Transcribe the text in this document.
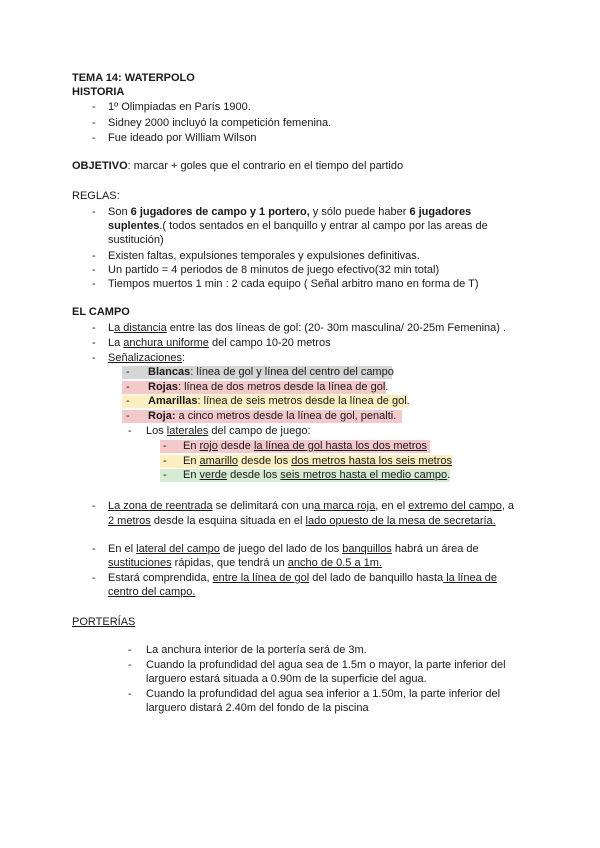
TEMA 14: WATERPOLO
HISTORIA
- 1º Olimpiadas en París 1900.
- Sidney 2000 incluyó la competición femenina.
- Fue ideado por William Wilson
OBJETIVO: marcar + goles que el contrario en el tiempo del partido
REGLAS:
- Son 6 jugadores de campo y 1 portero, y sólo puede haber 6 jugadores
suplentes.( todos sentados en el banquillo y entrar al campo por las areas de
sustitución)
- Existen faltas, expulsiones temporales y expulsiones definitivas.
- Un partido = 4 periodos de 8 minutos de juego efectivo(32 min total)
- Tiempos muertos 1 min : 2 cada equipo ( Señal arbitro mano en forma de T)
EL CAMPO
- La distancia entre las dos líneas de gol: (20- 30m masculina/ 20-25m Femenina) .
- La anchura uniforme del campo 10-20 metros
- Señalizaciones:
- Blancas: línea de gol y línea del centro del campo
- Rojas: línea de dos metros desde la línea de gol.
- Amarillas: línea de seis metros desde la línea de gol.
- Roja: a cinco metros desde la línea de gol, penalti.
- Los laterales del campo de juego:
- En rojo desde la línea de gol hasta los dos metros
- En amarillo desde los dos metros hasta los seis metros
- En verde desde los seis metros hasta el medio campo.
- La zona de reentrada se delimitará con una marca roja, en el extremo del campo, a
2 metros desde la esquina situada en el lado opuesto de la mesa de secretaría.
- En el lateral del campo de juego del lado de los banquillos habrá un área de
sustituciones rápidas, que tendrá un ancho de 0.5 a 1m.
- Estará comprendida, entre la línea de gol del lado de banquillo hasta la línea de
centro del campo.
PORTERÍAS
- La anchura interior de la portería será de 3m.
- Cuando la profundidad del agua sea de 1.5m o mayor, la parte inferior del
larguero estará situada a 0.90m de la superficie del agua.
- Cuando la profundidad del agua sea inferior a 1.50m, la parte inferior del
larguero distará 2.40m del fondo de la piscina
